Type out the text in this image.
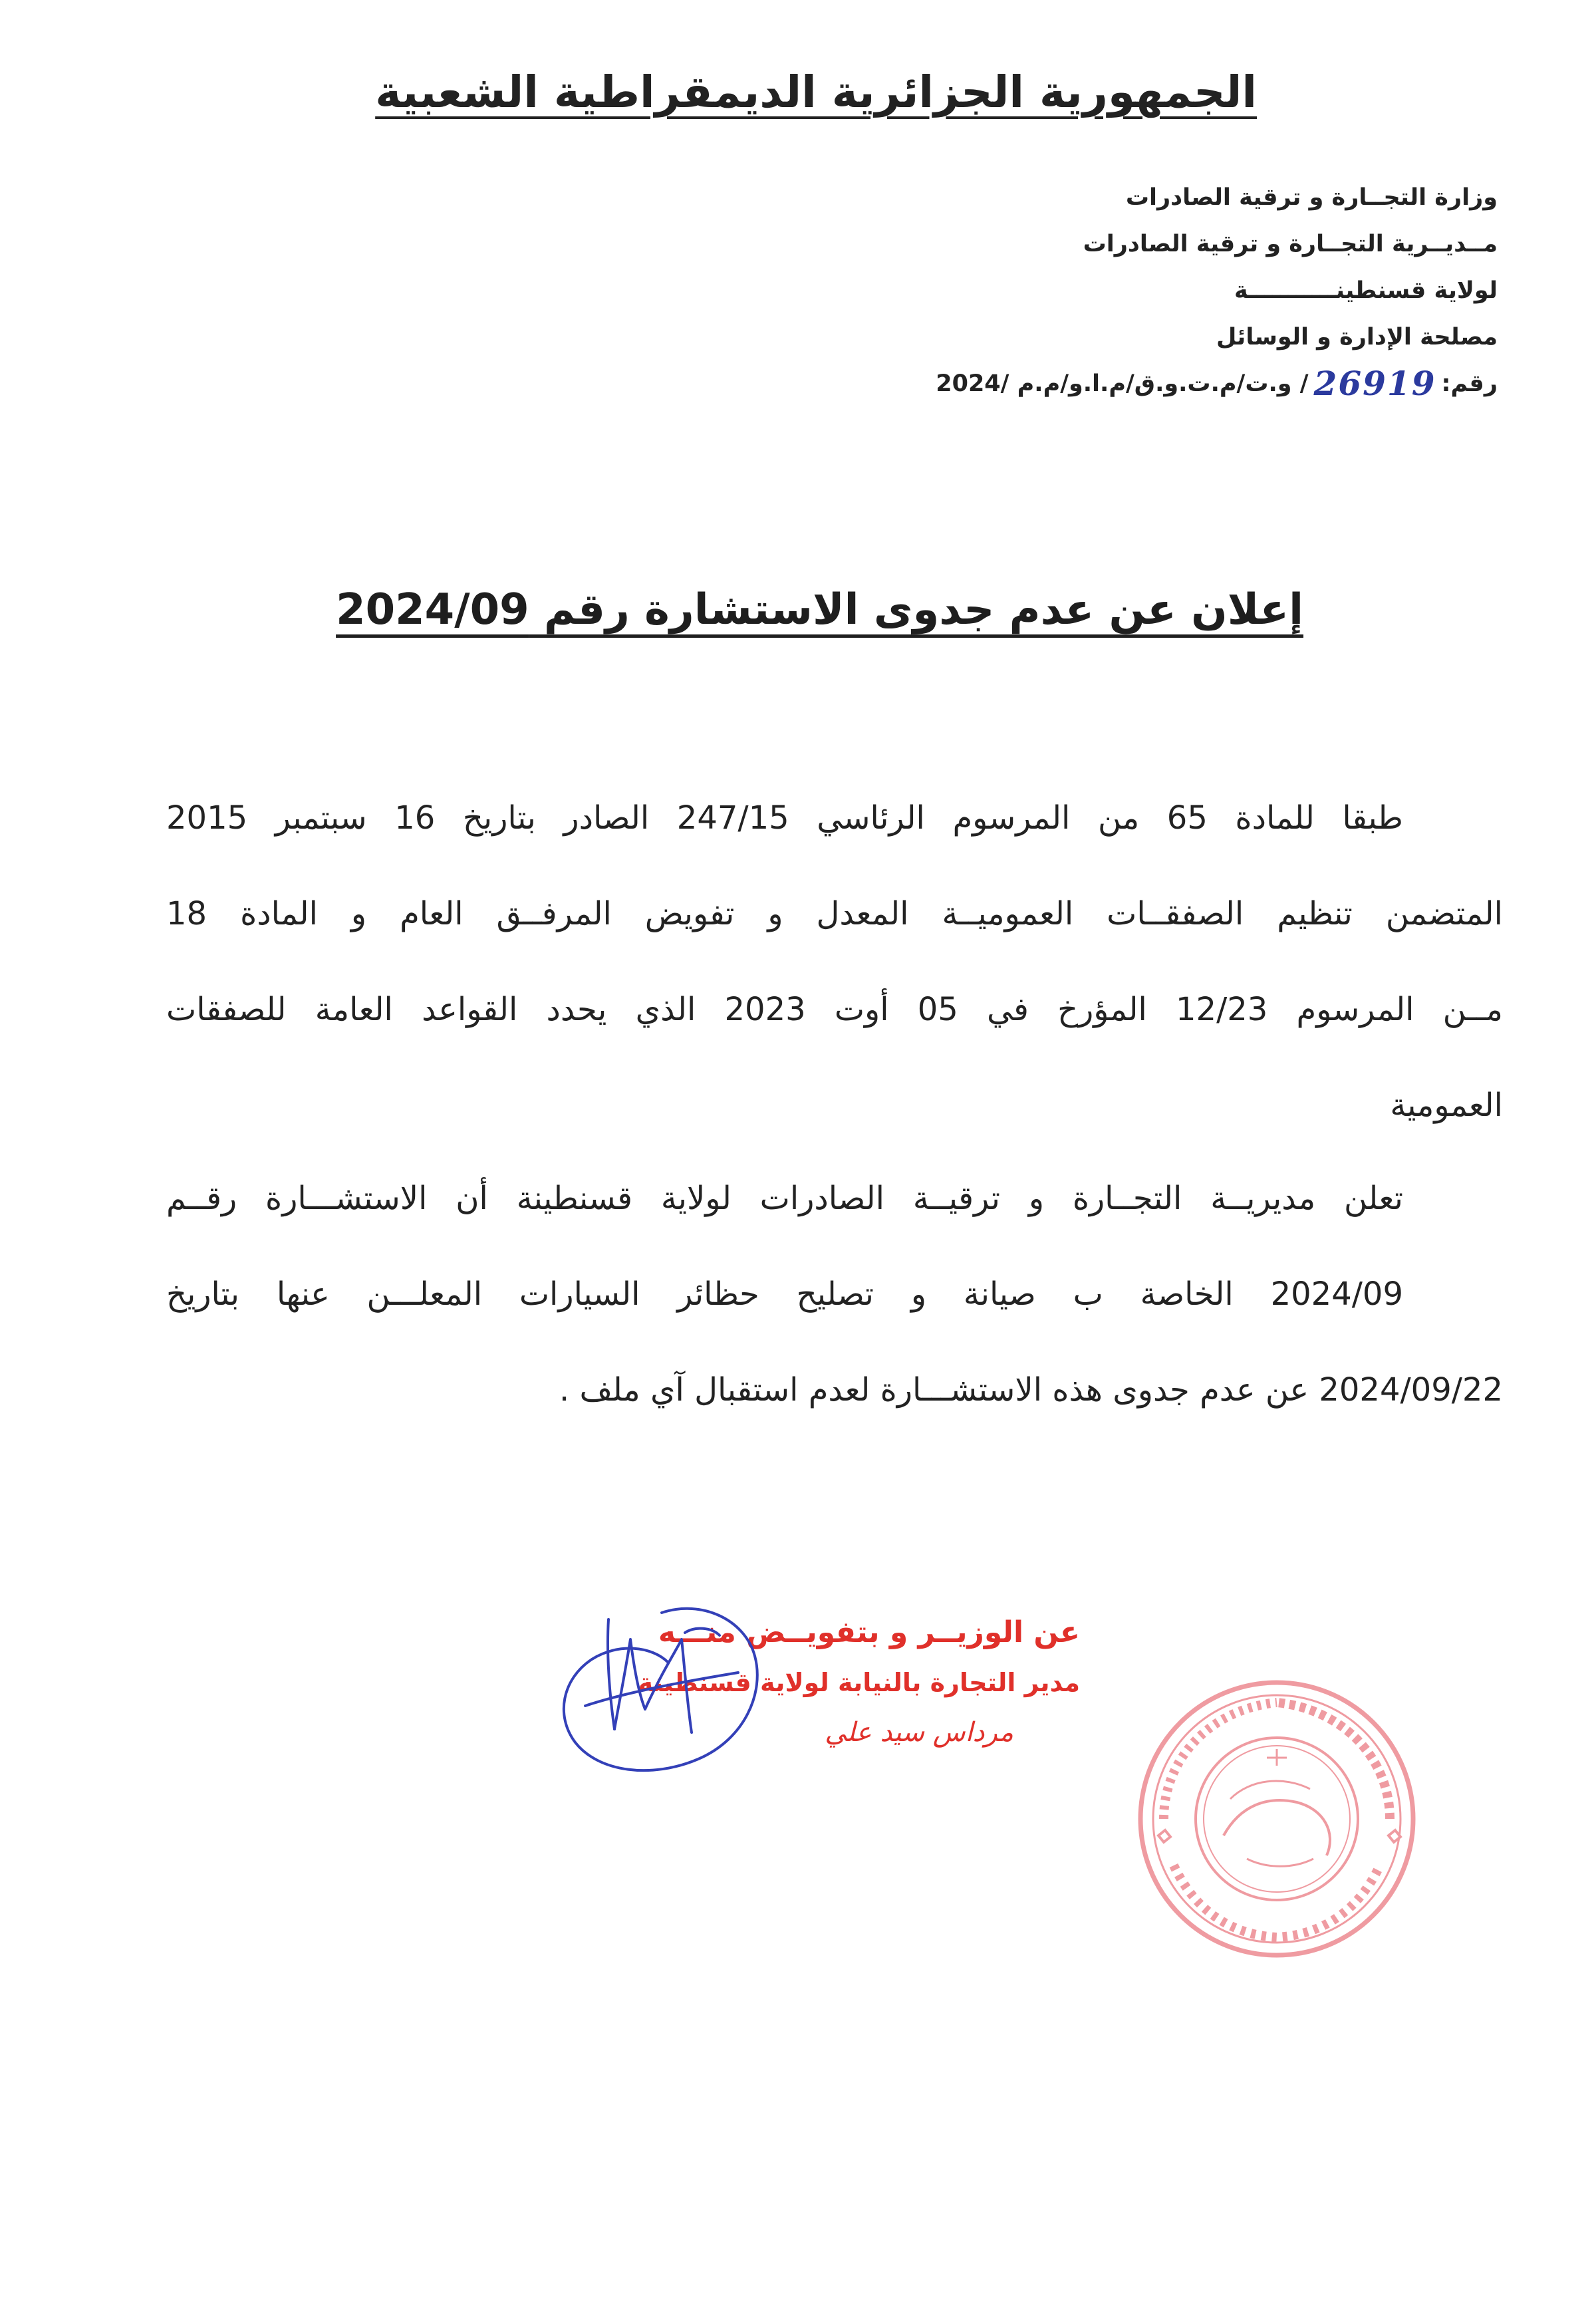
الجمهورية الجزائرية الديمقراطية الشعبية
وزارة التجــارة و ترقية الصادرات
مــديــرية التجــارة و ترقية الصادرات
لولاية قسنطينـــــــــــة
مصلحة الإدارة و الوسائل
رقم:
26919
/ و.ت/م.ت.و.ق/م.ا.و/م.م /2024
إعلان عن عدم جدوى الاستشارة رقم 2024/09
طبقا للمادة 65 من المرسوم الرئاسي 247/15 الصادر بتاريخ 16 سبتمبر 2015
المتضمن تنظيم الصفقــات العموميــة المعدل و تفويض المرفــق العام و المادة 18
مــن المرسوم 12/23 المؤرخ في 05 أوت 2023 الذي يحدد القواعد العامة للصفقات
العمومية
تعلن مديريــة التجــارة و ترقيــة الصادرات لولاية قسنطينة أن الاستشـــارة رقــم
2024/09 الخاصة ب صيانة و تصليح حظائر السيارات المعلـــن عنها بتاريخ
2024/09/22 عن عدم جدوى هذه الاستشـــارة لعدم استقبال آي ملف .
عن الوزيــر و بتفويــض منـــه
مدير التجارة بالنيابة لولاية قسنطينة
مرداس سيد علي
